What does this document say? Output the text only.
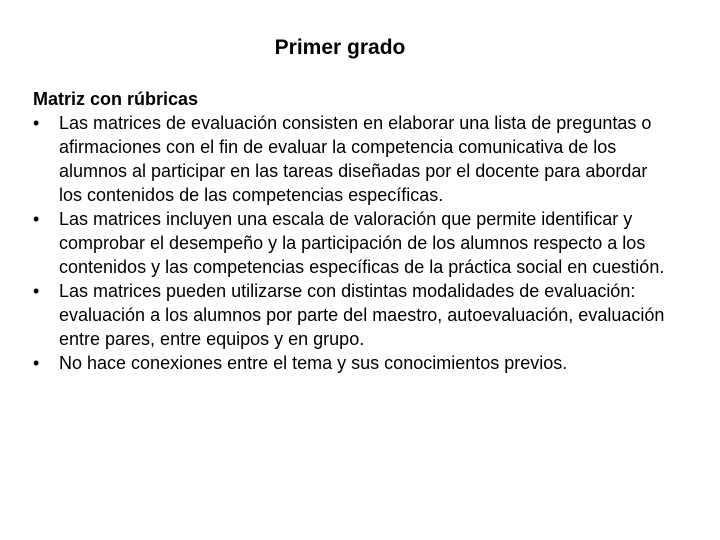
Primer grado

Matriz con rúbricas

•	Las matrices de evaluación consisten en elaborar una lista de preguntas o afirmaciones con el fin de evaluar la competencia comunicativa de los alumnos al participar en las tareas diseñadas por el docente para abordar los contenidos de las competencias específicas.
•	Las matrices incluyen una escala de valoración que permite identificar y comprobar el desempeño y la participación de los alumnos respecto a los contenidos y las competencias específicas de la práctica social en cuestión.
•	Las matrices pueden utilizarse con distintas modalidades de evaluación: evaluación a los alumnos por parte del maestro, autoevaluación, evaluación entre pares, entre equipos y en grupo.
•	No hace conexiones entre el tema y sus conocimientos previos.
